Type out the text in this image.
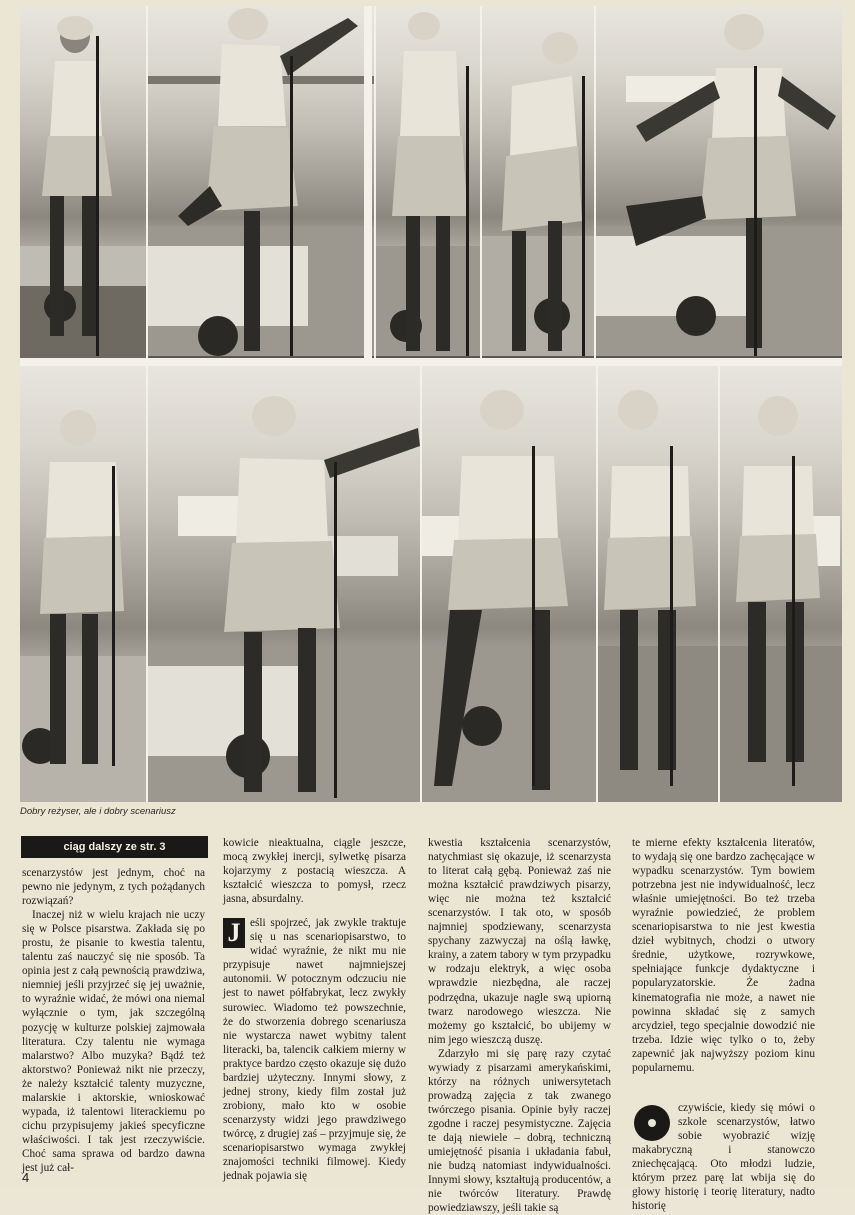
Dobry reżyser, ale i dobry scenariusz
ciąg dalszy ze str. 3

scenarzystów jest jednym, choć na pewno nie jedynym, z tych pożądanych rozwiązań?

Inaczej niż w wielu krajach nie uczy się w Polsce pisarstwa. Zakłada się po prostu, że pisanie to kwestia talentu, talentu zaś nauczyć się nie sposób. Ta opinia jest z całą pewnością prawdziwa, niemniej jeśli przyjrzeć się jej uważnie, to wyraźnie widać, że mówi ona niemal wyłącznie o tym, jak szczególną pozycję w kulturze polskiej zajmowała literatura. Czy talentu nie wymaga malarstwo? Albo muzyka? Bądź też aktorstwo? Ponieważ nikt nie przeczy, że należy kształcić talenty muzyczne, malarskie i aktorskie, wnioskować wypada, iż talentowi literackiemu po cichu przypisujemy jakieś specyficzne właściwości. I tak jest rzeczywiście. Choć sama sprawa od bardzo dawna jest już cał-

kowicie nieaktualna, ciągle jeszcze, mocą zwykłej inercji, sylwetkę pisarza kojarzymy z postacią wieszcza. A kształcić wieszcza to pomysł, rzecz jasna, absurdalny.

J eśli spojrzeć, jak zwykle traktuje się u nas scenariopisarstwo, to widać wyraźnie, że nikt mu nie przypisuje nawet najmniejszej autonomii. W potocznym odczuciu nie jest to nawet półfabrykat, lecz zwykły surowiec. Wiadomo też powszechnie, że do stworzenia dobrego scenariusza nie wystarcza nawet wybitny talent literacki, ba, talencik całkiem mierny w praktyce bardzo często okazuje się dużo bardziej użyteczny. Innymi słowy, z jednej strony, kiedy film został już zrobiony, mało kto w osobie scenarzysty widzi jego prawdziwego twórcę, z drugiej zaś – przyjmuje się, że scenariopisarstwo wymaga zwykłej znajomości techniki filmowej. Kiedy jednak pojawia się

kwestia kształcenia scenarzystów, natychmiast się okazuje, iż scenarzysta to literat całą gębą. Ponieważ zaś nie można kształcić prawdziwych pisarzy, więc nie można też kształcić scenarzystów. I tak oto, w sposób najmniej spodziewany, scenarzysta spychany zazwyczaj na oślą ławkę, krainy, a zatem tabory w tym przypadku w rodzaju elektryk, a więc osoba wprawdzie niezbędna, ale raczej podrzędna, ukazuje nagle swą upiorną twarz narodowego wieszcza. Nie możemy go kształcić, bo ubijemy w nim jego wieszczą duszę.

Zdarzyło mi się parę razy czytać wywiady z pisarzami amerykańskimi, którzy na różnych uniwersytetach prowadzą zajęcia z tak zwanego twórczego pisania. Opinie były raczej zgodne i raczej pesymistyczne. Zajęcia te dają niewiele – dobrą, techniczną umiejętność pisania i układania fabuł, nie budzą natomiast indywidualności. Innymi słowy, kształtują producentów, a nie twórców literatury. Prawdę powiedziawszy, jeśli takie są

te mierne efekty kształcenia literatów, to wydają się one bardzo zachęcające w wypadku scenarzystów. Tym bowiem potrzebna jest nie indywidualność, lecz właśnie umiejętności. Bo też trzeba wyraźnie powiedzieć, że problem scenariopisarstwa to nie jest kwestia dzieł wybitnych, chodzi o utwory średnie, użytkowe, rozrywkowe, spełniające funkcje dydaktyczne i popularyzatorskie. Że żadna kinematografia nie może, a nawet nie powinna składać się z samych arcydzieł, tego specjalnie dowodzić nie trzeba. Idzie więc tylko o to, żeby zapewnić jak najwyższy poziom kinu popularnemu.

czywiście, kiedy się mówi o szkole scenarzystów, łatwo sobie wyobrazić wizję makabryczną i stanowczo zniechęcającą. Oto młodzi ludzie, którym przez parę lat wbija się do głowy historię i teorię literatury, nadto historię

4
